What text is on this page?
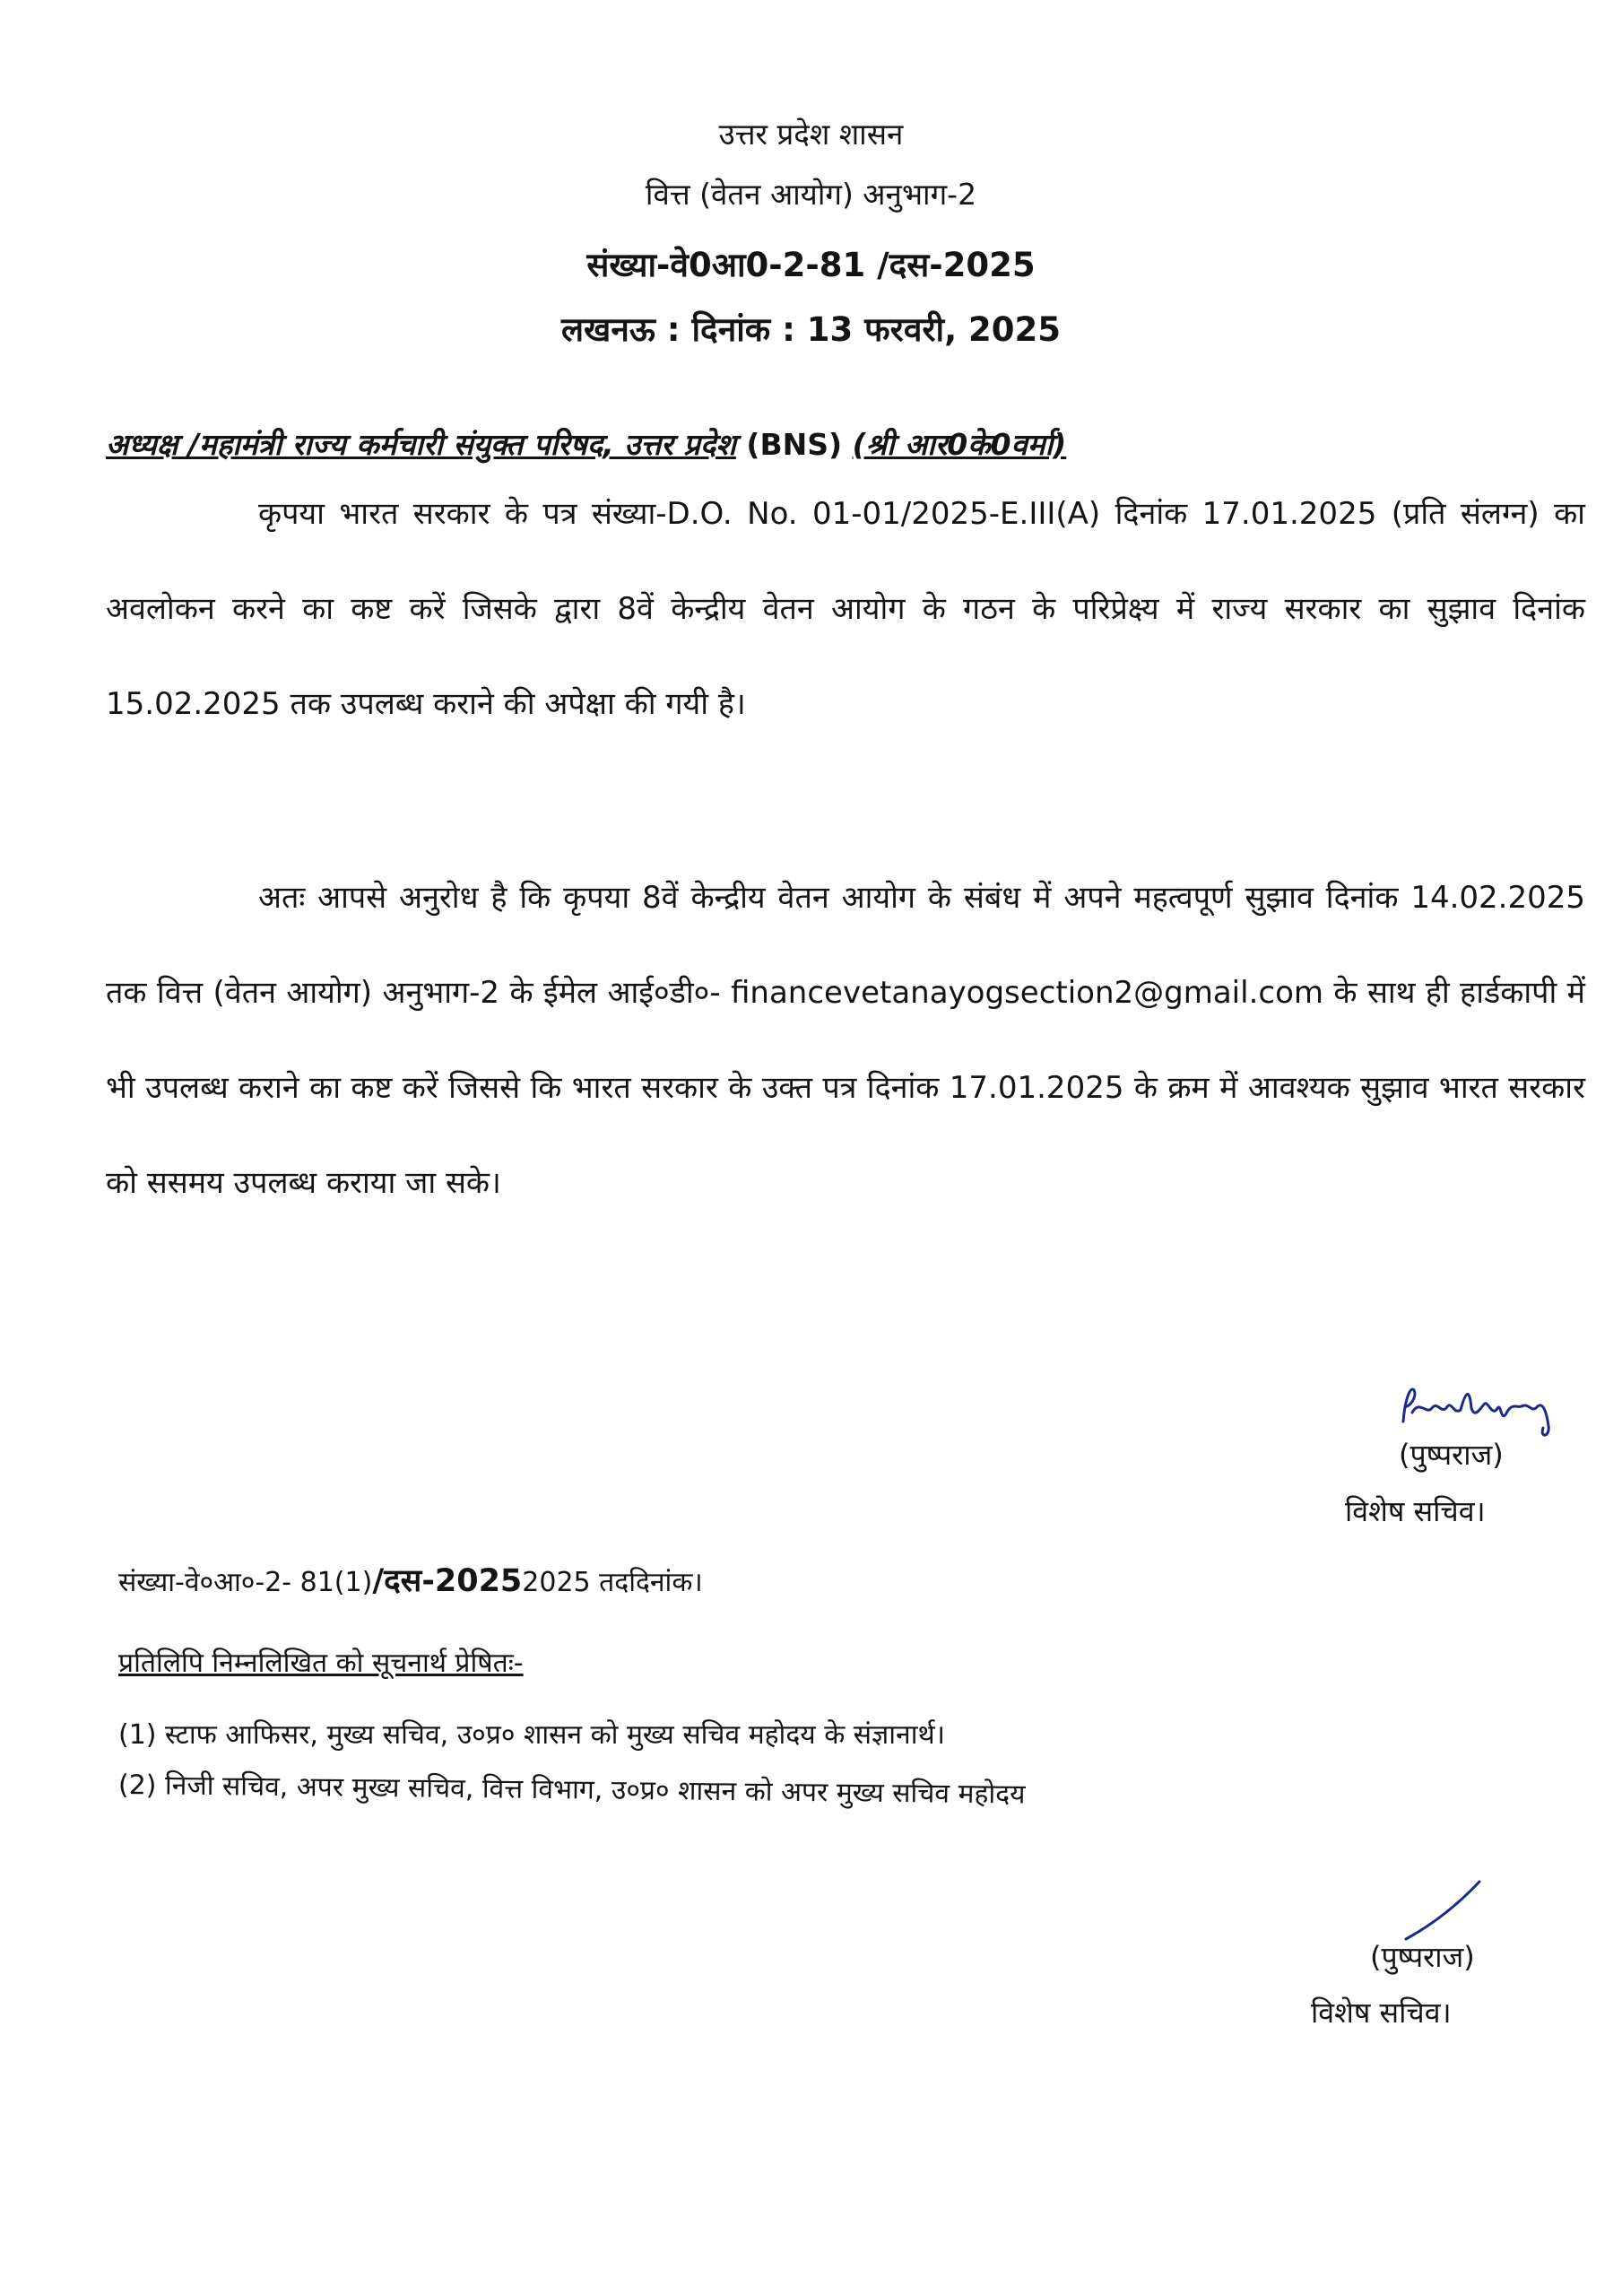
उत्तर प्रदेश शासन
वित्त (वेतन आयोग) अनुभाग-2
संख्या-वे0आ0-2-81 /दस-2025
लखनऊ : दिनांक : 13 फरवरी, 2025
अध्यक्ष /महामंत्री राज्य कर्मचारी संयुक्त परिषद, उत्तर प्रदेश (BNS) (श्री आर0के0वर्मा)

कृपया भारत सरकार के पत्र संख्या-D.O. No. 01-01/2025-E.III(A) दिनांक 17.01.2025 (प्रति संलग्न) का अवलोकन करने का कष्ट करें जिसके द्वारा 8वें केन्द्रीय वेतन आयोग के गठन के परिप्रेक्ष्य में राज्य सरकार का सुझाव दिनांक 15.02.2025 तक उपलब्ध कराने की अपेक्षा की गयी है।

अतः आपसे अनुरोध है कि कृपया 8वें केन्द्रीय वेतन आयोग के संबंध में अपने महत्वपूर्ण सुझाव दिनांक 14.02.2025 तक वित्त (वेतन आयोग) अनुभाग-2 के ईमेल आई०डी०- financevetanayogsection2@gmail.com के साथ ही हार्डकापी में भी उपलब्ध कराने का कष्ट करें जिससे कि भारत सरकार के उक्त पत्र दिनांक 17.01.2025 के क्रम में आवश्यक सुझाव भारत सरकार को ससमय उपलब्ध कराया जा सके।

Pushpraj
(पुष्पराज)
विशेष सचिव।
संख्या-वे०आ०-2- 81(1)/दस-20252025 तददिनांक।
प्रतिलिपि निम्नलिखित को सूचनार्थ प्रेषितः-
(1) स्टाफ आफिसर, मुख्य सचिव, उ०प्र० शासन को मुख्य सचिव महोदय के संज्ञानार्थ।
(2) निजी सचिव, अपर मुख्य सचिव, वित्त विभाग, उ०प्र० शासन को अपर मुख्य सचिव महोदय
(पुष्पराज)
विशेष सचिव।
